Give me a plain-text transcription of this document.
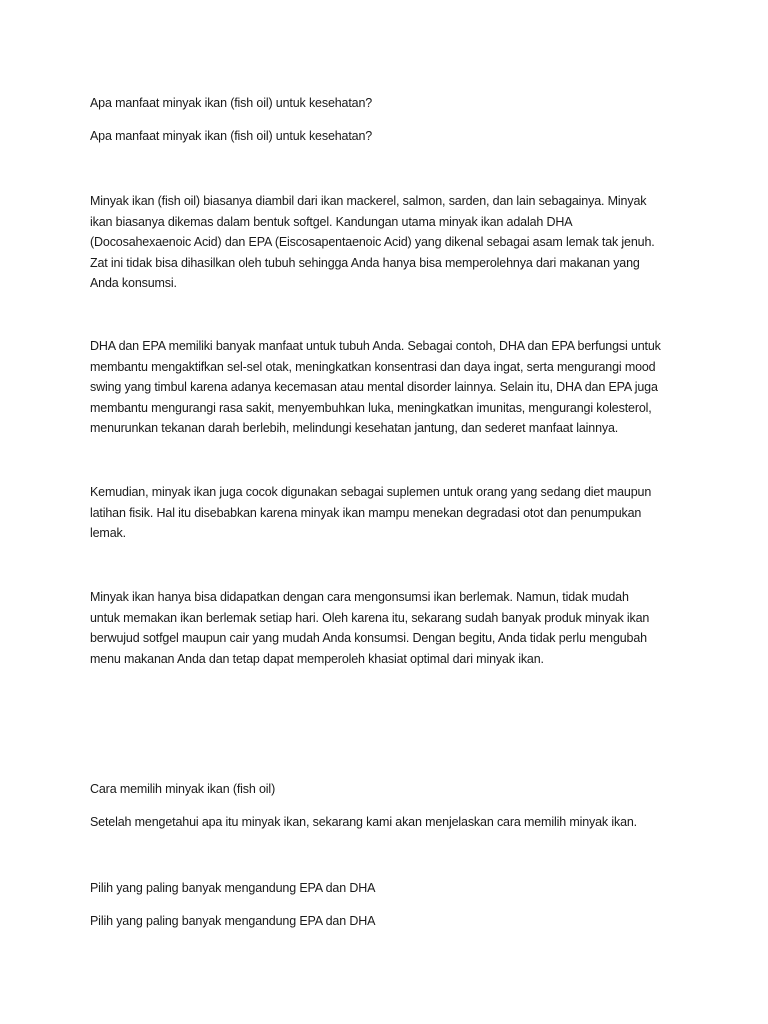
Apa manfaat minyak ikan (fish oil) untuk kesehatan?

Apa manfaat minyak ikan (fish oil) untuk kesehatan?

Minyak ikan (fish oil) biasanya diambil dari ikan mackerel, salmon, sarden, dan lain sebagainya. Minyak
ikan biasanya dikemas dalam bentuk softgel. Kandungan utama minyak ikan adalah DHA
(Docosahexaenoic Acid) dan EPA (Eiscosapentaenoic Acid) yang dikenal sebagai asam lemak tak jenuh.
Zat ini tidak bisa dihasilkan oleh tubuh sehingga Anda hanya bisa memperolehnya dari makanan yang
Anda konsumsi.

DHA dan EPA memiliki banyak manfaat untuk tubuh Anda. Sebagai contoh, DHA dan EPA berfungsi untuk
membantu mengaktifkan sel-sel otak, meningkatkan konsentrasi dan daya ingat, serta mengurangi mood
swing yang timbul karena adanya kecemasan atau mental disorder lainnya. Selain itu, DHA dan EPA juga
membantu mengurangi rasa sakit, menyembuhkan luka, meningkatkan imunitas, mengurangi kolesterol,
menurunkan tekanan darah berlebih, melindungi kesehatan jantung, dan sederet manfaat lainnya.

Kemudian, minyak ikan juga cocok digunakan sebagai suplemen untuk orang yang sedang diet maupun
latihan fisik. Hal itu disebabkan karena minyak ikan mampu menekan degradasi otot dan penumpukan
lemak.

Minyak ikan hanya bisa didapatkan dengan cara mengonsumsi ikan berlemak. Namun, tidak mudah
untuk memakan ikan berlemak setiap hari. Oleh karena itu, sekarang sudah banyak produk minyak ikan
berwujud sotfgel maupun cair yang mudah Anda konsumsi. Dengan begitu, Anda tidak perlu mengubah
menu makanan Anda dan tetap dapat memperoleh khasiat optimal dari minyak ikan.

Cara memilih minyak ikan (fish oil)

Setelah mengetahui apa itu minyak ikan, sekarang kami akan menjelaskan cara memilih minyak ikan.

Pilih yang paling banyak mengandung EPA dan DHA

Pilih yang paling banyak mengandung EPA dan DHA
